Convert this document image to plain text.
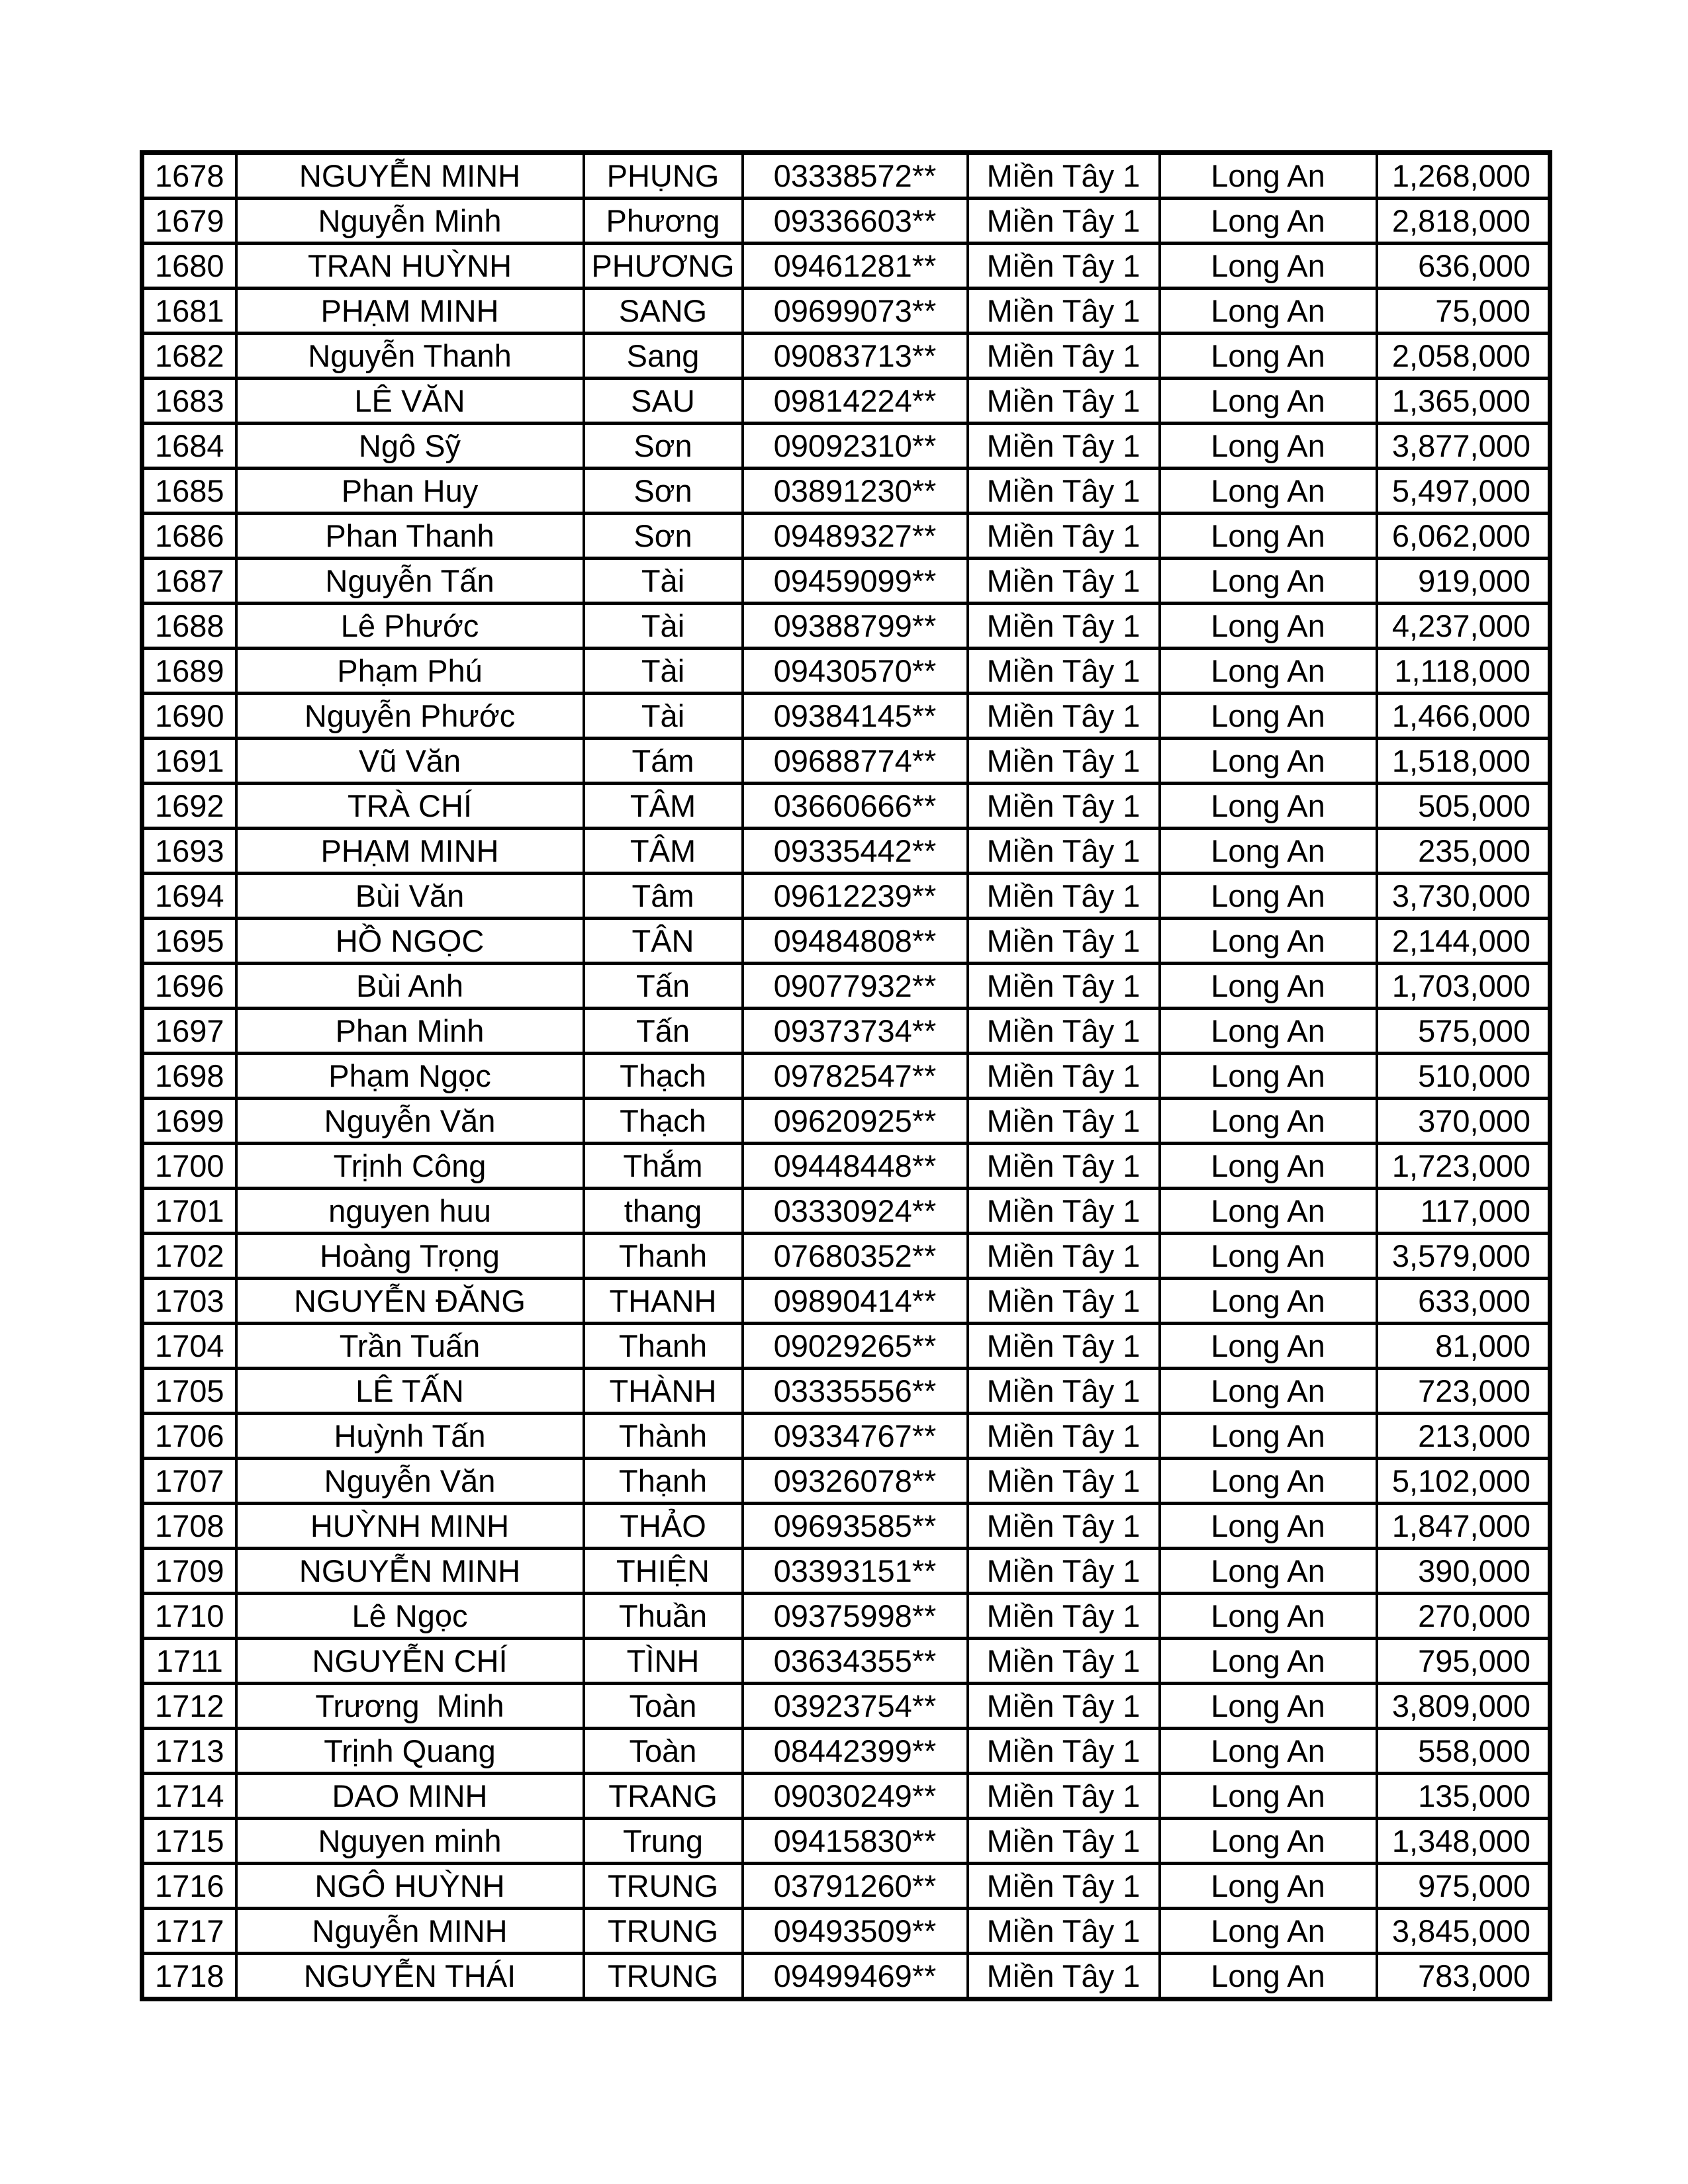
1678	NGUYỄN MINH	PHỤNG	03338572**	Miền Tây 1	Long An	1,268,000
1679	Nguyễn Minh	Phương	09336603**	Miền Tây 1	Long An	2,818,000
1680	TRAN HUỲNH	PHƯƠNG	09461281**	Miền Tây 1	Long An	636,000
1681	PHẠM MINH	SANG	09699073**	Miền Tây 1	Long An	75,000
1682	Nguyễn Thanh	Sang	09083713**	Miền Tây 1	Long An	2,058,000
1683	LÊ VĂN	SAU	09814224**	Miền Tây 1	Long An	1,365,000
1684	Ngô Sỹ	Sơn	09092310**	Miền Tây 1	Long An	3,877,000
1685	Phan Huy	Sơn	03891230**	Miền Tây 1	Long An	5,497,000
1686	Phan Thanh	Sơn	09489327**	Miền Tây 1	Long An	6,062,000
1687	Nguyễn Tấn	Tài	09459099**	Miền Tây 1	Long An	919,000
1688	Lê Phước	Tài	09388799**	Miền Tây 1	Long An	4,237,000
1689	Phạm Phú	Tài	09430570**	Miền Tây 1	Long An	1,118,000
1690	Nguyễn Phước	Tài	09384145**	Miền Tây 1	Long An	1,466,000
1691	Vũ Văn	Tám	09688774**	Miền Tây 1	Long An	1,518,000
1692	TRÀ CHÍ	TÂM	03660666**	Miền Tây 1	Long An	505,000
1693	PHẠM MINH	TÂM	09335442**	Miền Tây 1	Long An	235,000
1694	Bùi Văn	Tâm	09612239**	Miền Tây 1	Long An	3,730,000
1695	HỒ NGỌC	TÂN	09484808**	Miền Tây 1	Long An	2,144,000
1696	Bùi Anh	Tấn	09077932**	Miền Tây 1	Long An	1,703,000
1697	Phan Minh	Tấn	09373734**	Miền Tây 1	Long An	575,000
1698	Phạm Ngọc	Thạch	09782547**	Miền Tây 1	Long An	510,000
1699	Nguyễn Văn	Thạch	09620925**	Miền Tây 1	Long An	370,000
1700	Trịnh Công	Thắm	09448448**	Miền Tây 1	Long An	1,723,000
1701	nguyen huu	thang	03330924**	Miền Tây 1	Long An	117,000
1702	Hoàng Trọng	Thanh	07680352**	Miền Tây 1	Long An	3,579,000
1703	NGUYỄN ĐĂNG	THANH	09890414**	Miền Tây 1	Long An	633,000
1704	Trần Tuấn	Thanh	09029265**	Miền Tây 1	Long An	81,000
1705	LÊ TẤN	THÀNH	03335556**	Miền Tây 1	Long An	723,000
1706	Huỳnh Tấn	Thành	09334767**	Miền Tây 1	Long An	213,000
1707	Nguyễn Văn	Thạnh	09326078**	Miền Tây 1	Long An	5,102,000
1708	HUỲNH MINH	THẢO	09693585**	Miền Tây 1	Long An	1,847,000
1709	NGUYỄN MINH	THIỆN	03393151**	Miền Tây 1	Long An	390,000
1710	Lê Ngọc	Thuần	09375998**	Miền Tây 1	Long An	270,000
1711	NGUYỄN CHÍ	TÌNH	03634355**	Miền Tây 1	Long An	795,000
1712	Trương  Minh	Toàn	03923754**	Miền Tây 1	Long An	3,809,000
1713	Trịnh Quang	Toàn	08442399**	Miền Tây 1	Long An	558,000
1714	DAO MINH	TRANG	09030249**	Miền Tây 1	Long An	135,000
1715	Nguyen minh	Trung	09415830**	Miền Tây 1	Long An	1,348,000
1716	NGÔ HUỲNH	TRUNG	03791260**	Miền Tây 1	Long An	975,000
1717	Nguyễn MINH	TRUNG	09493509**	Miền Tây 1	Long An	3,845,000
1718	NGUYỄN THÁI	TRUNG	09499469**	Miền Tây 1	Long An	783,000
